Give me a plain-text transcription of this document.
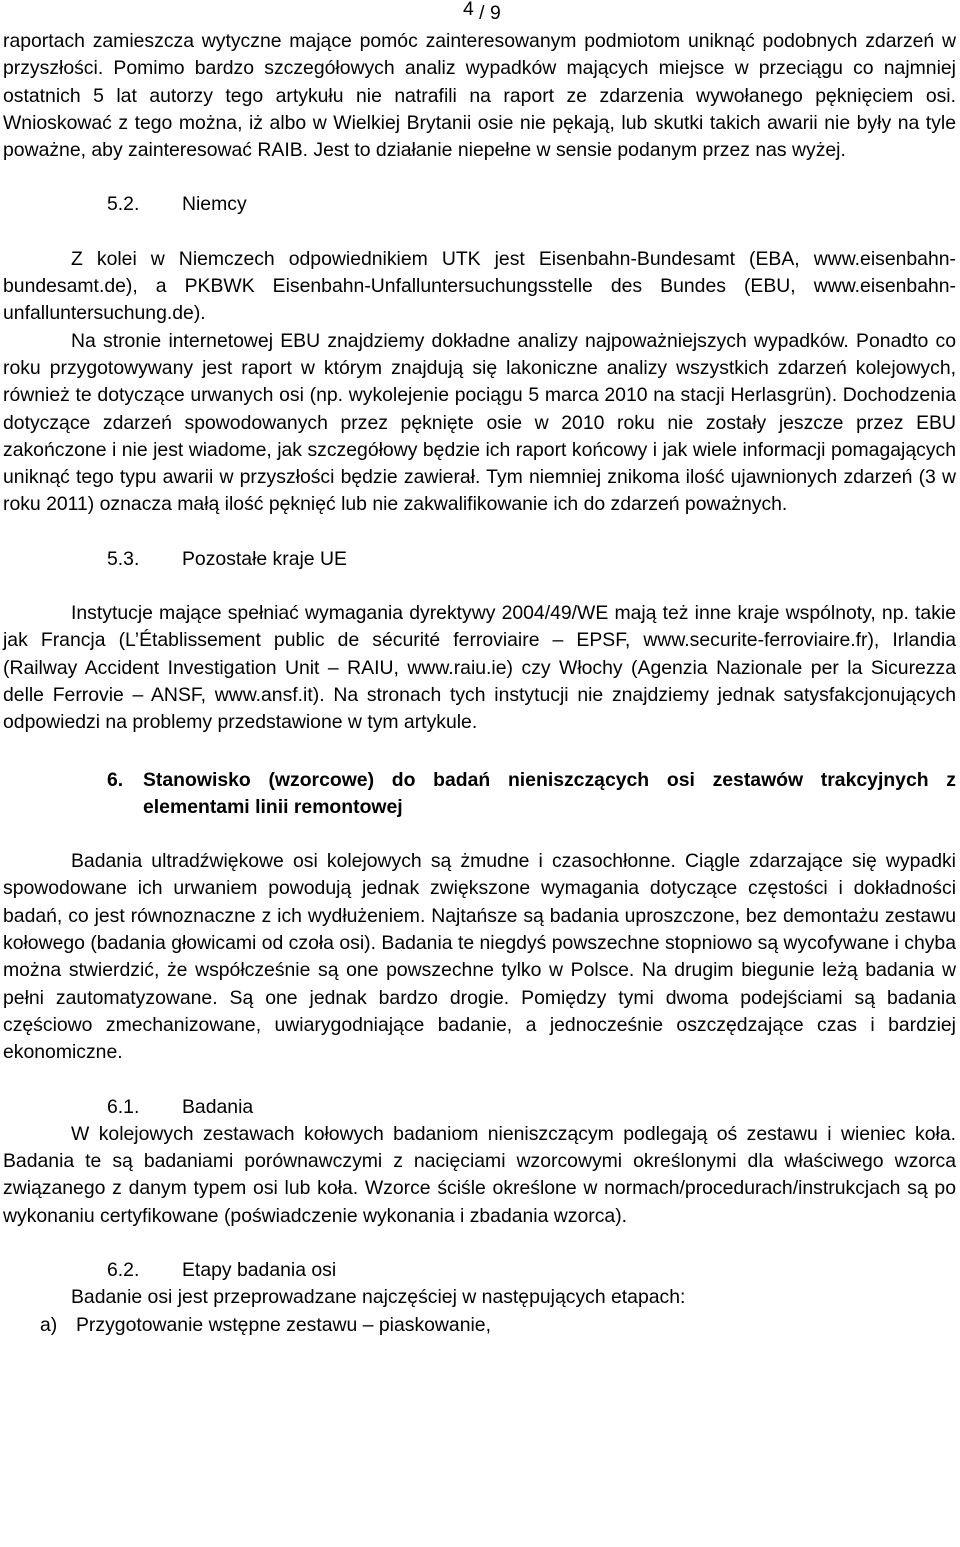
4 / 9

raportach zamieszcza wytyczne mające pomóc zainteresowanym podmiotom uniknąć podobnych zdarzeń w przyszłości. Pomimo bardzo szczegółowych analiz wypadków mających miejsce w przeciągu co najmniej ostatnich 5 lat autorzy tego artykułu nie natrafili na raport ze zdarzenia wywołanego pęknięciem osi. Wnioskować z tego można, iż albo w Wielkiej Brytanii osie nie pękają, lub skutki takich awarii nie były na tyle poważne, aby zainteresować RAIB. Jest to działanie niepełne w sensie podanym przez nas wyżej.

5.2. Niemcy

Z kolei w Niemczech odpowiednikiem UTK jest Eisenbahn-Bundesamt (EBA, www.eisenbahn-bundesamt.de), a PKBWK Eisenbahn-Unfalluntersuchungsstelle des Bundes (EBU, www.eisenbahn-unfalluntersuchung.de).

Na stronie internetowej EBU znajdziemy dokładne analizy najpoważniejszych wypadków. Ponadto co roku przygotowywany jest raport w którym znajdują się lakoniczne analizy wszystkich zdarzeń kolejowych, również te dotyczące urwanych osi (np. wykolejenie pociągu 5 marca 2010 na stacji Herlasgrün). Dochodzenia dotyczące zdarzeń spowodowanych przez pęknięte osie w 2010 roku nie zostały jeszcze przez EBU zakończone i nie jest wiadome, jak szczegółowy będzie ich raport końcowy i jak wiele informacji pomagających uniknąć tego typu awarii w przyszłości będzie zawierał. Tym niemniej znikoma ilość ujawnionych zdarzeń (3 w roku 2011) oznacza małą ilość pęknięć lub nie zakwalifikowanie ich do zdarzeń poważnych.

5.3. Pozostałe kraje UE

Instytucje mające spełniać wymagania dyrektywy 2004/49/WE mają też inne kraje wspólnoty, np. takie jak Francja (L’Établissement public de sécurité ferroviaire – EPSF, www.securite-ferroviaire.fr), Irlandia (Railway Accident Investigation Unit – RAIU, www.raiu.ie) czy Włochy (Agenzia Nazionale per la Sicurezza delle Ferrovie – ANSF, www.ansf.it). Na stronach tych instytucji nie znajdziemy jednak satysfakcjonujących odpowiedzi na problemy przedstawione w tym artykule.

6.	Stanowisko (wzorcowe) do badań nieniszczących osi zestawów trakcyjnych z elementami linii remontowej

Badania ultradźwiękowe osi kolejowych są żmudne i czasochłonne. Ciągle zdarzające się wypadki spowodowane ich urwaniem powodują jednak zwiększone wymagania dotyczące częstości i dokładności badań, co jest równoznaczne z ich wydłużeniem. Najtańsze są badania uproszczone, bez demontażu zestawu kołowego (badania głowicami od czoła osi). Badania te niegdyś powszechne stopniowo są wycofywane i chyba można stwierdzić, że współcześnie są one powszechne tylko w Polsce. Na drugim biegunie leżą badania w pełni zautomatyzowane. Są one jednak bardzo drogie. Pomiędzy tymi dwoma podejściami są badania częściowo zmechanizowane, uwiarygodniające badanie, a jednocześnie oszczędzające czas i bardziej ekonomiczne.

6.1. Badania

W kolejowych zestawach kołowych badaniom nieniszczącym podlegają oś zestawu i wieniec koła. Badania te są badaniami porównawczymi z nacięciami wzorcowymi określonymi dla właściwego wzorca związanego z danym typem osi lub koła. Wzorce ściśle określone w normach/procedurach/instrukcjach są po wykonaniu certyfikowane (poświadczenie wykonania i zbadania wzorca).

6.2. Etapy badania osi

Badanie osi jest przeprowadzane najczęściej w następujących etapach:

a) Przygotowanie wstępne zestawu – piaskowanie,
